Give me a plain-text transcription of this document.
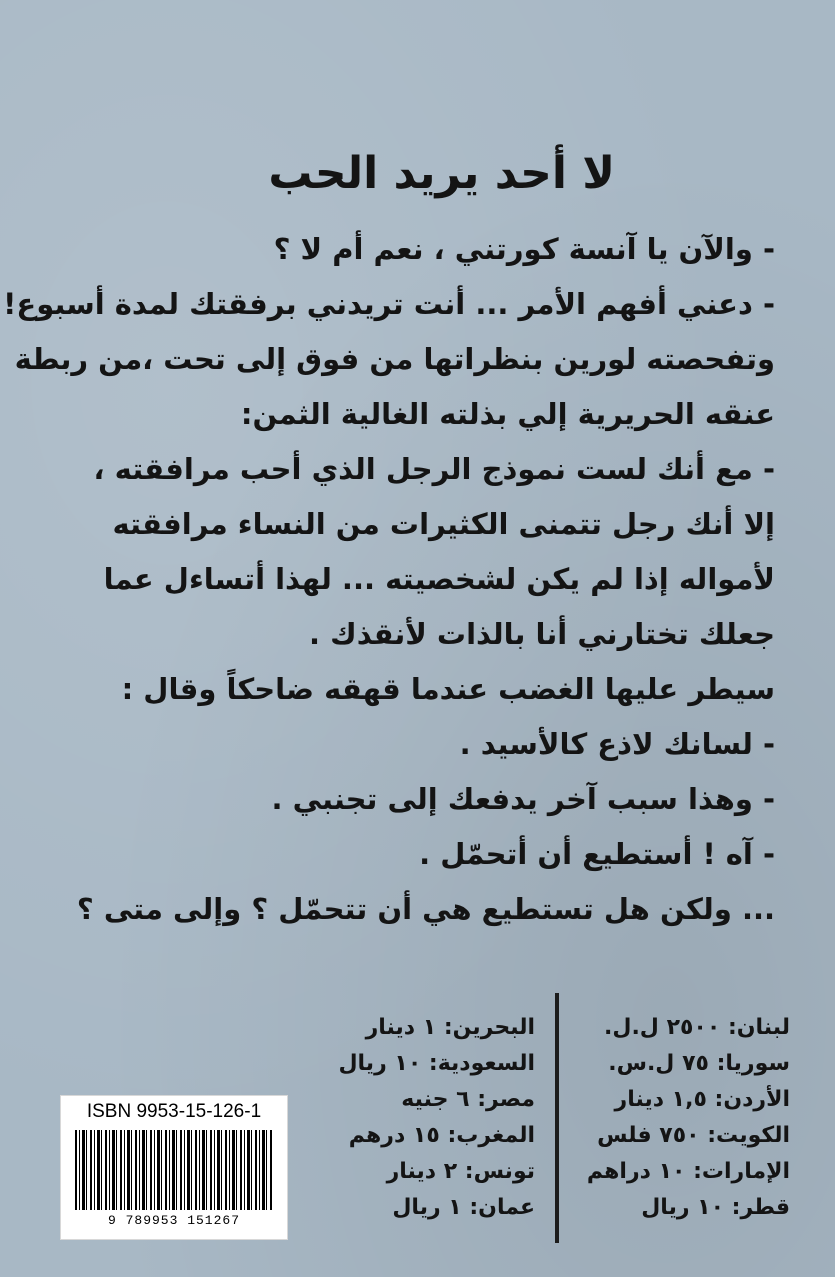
لا أحد يريد الحب
- والآن يا آنسة كورتني ، نعم أم لا ؟
- دعني أفهم الأمر ... أنت تريدني برفقتك لمدة أسبوع!
وتفحصته لورين بنظراتها من فوق إلى تحت ،من ربطة
عنقه الحريرية إلي بذلته الغالية الثمن:
- مع أنك لست نموذج الرجل الذي أحب مرافقته ،
إلا أنك رجل تتمنى الكثيرات من النساء مرافقته
لأمواله إذا لم يكن لشخصيته ... لهذا أتساءل عما
جعلك تختارني أنا بالذات لأنقذك .
سيطر عليها الغضب عندما قهقه ضاحكاً وقال :
- لسانك لاذع كالأسيد .
- وهذا سبب آخر يدفعك إلى تجنبي .
- آه ! أستطيع أن أتحمّل .
... ولكن هل تستطيع هي أن تتحمّل ؟ وإلى متى ؟
لبنان: ٢٥٠٠ ل.ل.
سوريا: ٧٥ ل.س.
الأردن: ١,٥ دينار
الكويت: ٧٥٠ فلس
الإمارات: ١٠ دراهم
قطر: ١٠ ريال
البحرين: ١ دينار
السعودية: ١٠ ريال
مصر: ٦ جنيه
المغرب: ١٥ درهم
تونس: ٢ دينار
عمان: ١ ريال
ISBN 9953-15-126-1
9 789953 151267
